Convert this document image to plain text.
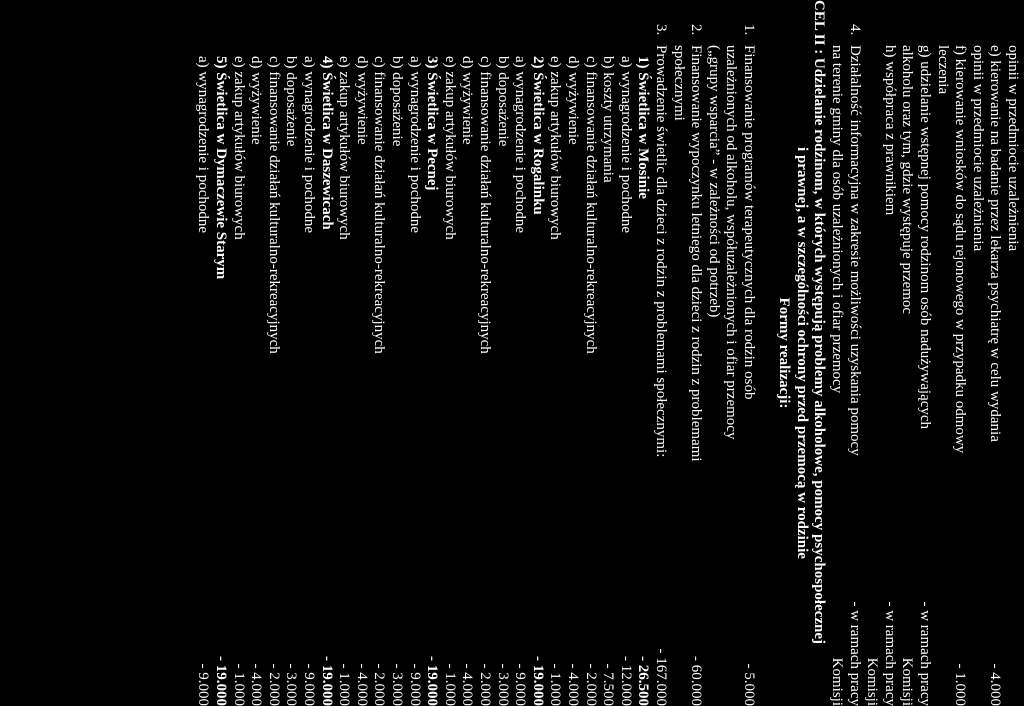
opinii w przedmiocie uzależnienia
e) kierowanie na badanie przez lekarza psychiatrę w celu wydania
- 4.000
opinii w przedmiocie uzależnienia
f) kierowanie wniosków do sądu rejonowego w przypadku odmowy
- 1.000
leczenia
g) udzielanie wstępnej pomocy rodzinom osób nadużywających
- w ramach pracy
alkoholu oraz tym, gdzie występuje przemoc
Komisji
h) współpraca z prawnikiem
- w ramach pracy
Komisji
4.
Działalność informacyjna w zakresie możliwości uzyskania pomocy
- w ramach pracy
na terenie gminy dla osób uzależnionych i ofiar przemocy
Komisji
CEL II : Udzielanie rodzinom, w których występują problemy alkoholowe, pomocy psychospołecznej
i prawnej, a w szczególności ochrony przed przemocą w rodzinie
Formy realizacji:
1.
Finansowanie programów terapeutycznych dla rodzin osób
- 5.000
uzależnionych od alkoholu, współuzależnionych i ofiar przemocy
(„grupy wsparcia” - w zależności od potrzeb)
2.
Finansowanie wypoczynku letniego dla dzieci z rodzin z problemami
- 60.000
społecznymi
3.
Prowadzenie świetlic dla dzieci z rodzin z problemami społecznymi:
- 167.000
1) Świetlica w Mosinie
- 26.500
a) wynagrodzenie i pochodne
- 12.000
b) koszty utrzymania
- 7.500
c) finansowanie działań kulturalno-rekreacyjnych
- 2.000
d) wyżywienie
- 4.000
e) zakup artykułów biurowych
- 1.000
2) Świetlica w Rogalinku
- 19.000
a) wynagrodzenie i pochodne
- 9.000
b) doposażenie
- 3.000
c) finansowanie działań kulturalno-rekreacyjnych
- 2.000
d) wyżywienie
- 4.000
e) zakup artykułów biurowych
- 1.000
3) Świetlica w Pecnej
- 19.000
a) wynagrodzenie i pochodne
- 9.000
b) doposażenie
- 3.000
c) finansowanie działań kulturalno-rekreacyjnych
- 2.000
d) wyżywienie
- 4.000
e) zakup artykułów biurowych
- 1.000
4) Świetlica w Daszewicach
- 19.000
a) wynagrodzenie i pochodne
- 9.000
b) doposażenie
- 3.000
c) finansowanie działań kulturalno-rekreacyjnych
- 2.000
d) wyżywienie
- 4.000
e) zakup artykułów biurowych
- 1.000
5) Świetlica w Dymaczewie Starym
- 19.000
a) wynagrodzenie i pochodne
- 9.000
